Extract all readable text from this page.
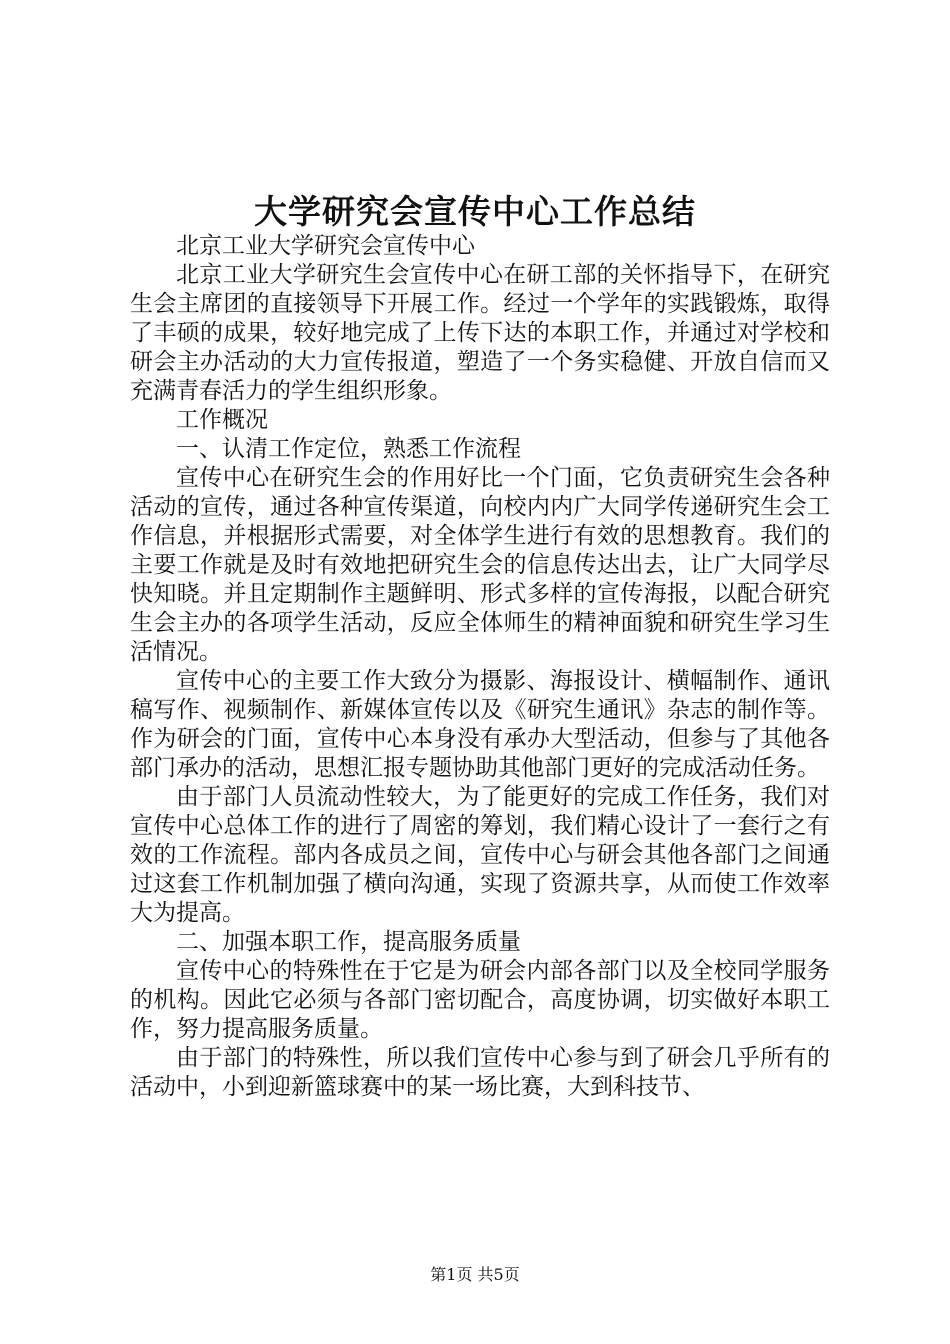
大学研究会宣传中心工作总结

北京工业大学研究会宣传中心

北京工业大学研究生会宣传中心在研工部的关怀指导下，在研究生会主席团的直接领导下开展工作。经过一个学年的实践锻炼，取得了丰硕的成果，较好地完成了上传下达的本职工作，并通过对学校和研会主办活动的大力宣传报道，塑造了一个务实稳健、开放自信而又充满青春活力的学生组织形象。

工作概况

一、认清工作定位，熟悉工作流程

宣传中心在研究生会的作用好比一个门面，它负责研究生会各种活动的宣传，通过各种宣传渠道，向校内内广大同学传递研究生会工作信息，并根据形式需要，对全体学生进行有效的思想教育。我们的主要工作就是及时有效地把研究生会的信息传达出去，让广大同学尽快知晓。并且定期制作主题鲜明、形式多样的宣传海报，以配合研究生会主办的各项学生活动，反应全体师生的精神面貌和研究生学习生活情况。

宣传中心的主要工作大致分为摄影、海报设计、横幅制作、通讯稿写作、视频制作、新媒体宣传以及《研究生通讯》杂志的制作等。作为研会的门面，宣传中心本身没有承办大型活动，但参与了其他各部门承办的活动，思想汇报专题协助其他部门更好的完成活动任务。

由于部门人员流动性较大，为了能更好的完成工作任务，我们对宣传中心总体工作的进行了周密的筹划，我们精心设计了一套行之有效的工作流程。部内各成员之间，宣传中心与研会其他各部门之间通过这套工作机制加强了横向沟通，实现了资源共享，从而使工作效率大为提高。

二、加强本职工作，提高服务质量

宣传中心的特殊性在于它是为研会内部各部门以及全校同学服务的机构。因此它必须与各部门密切配合，高度协调，切实做好本职工作，努力提高服务质量。

由于部门的特殊性，所以我们宣传中心参与到了研会几乎所有的活动中，小到迎新篮球赛中的某一场比赛，大到科技节、

第1页 共5页
